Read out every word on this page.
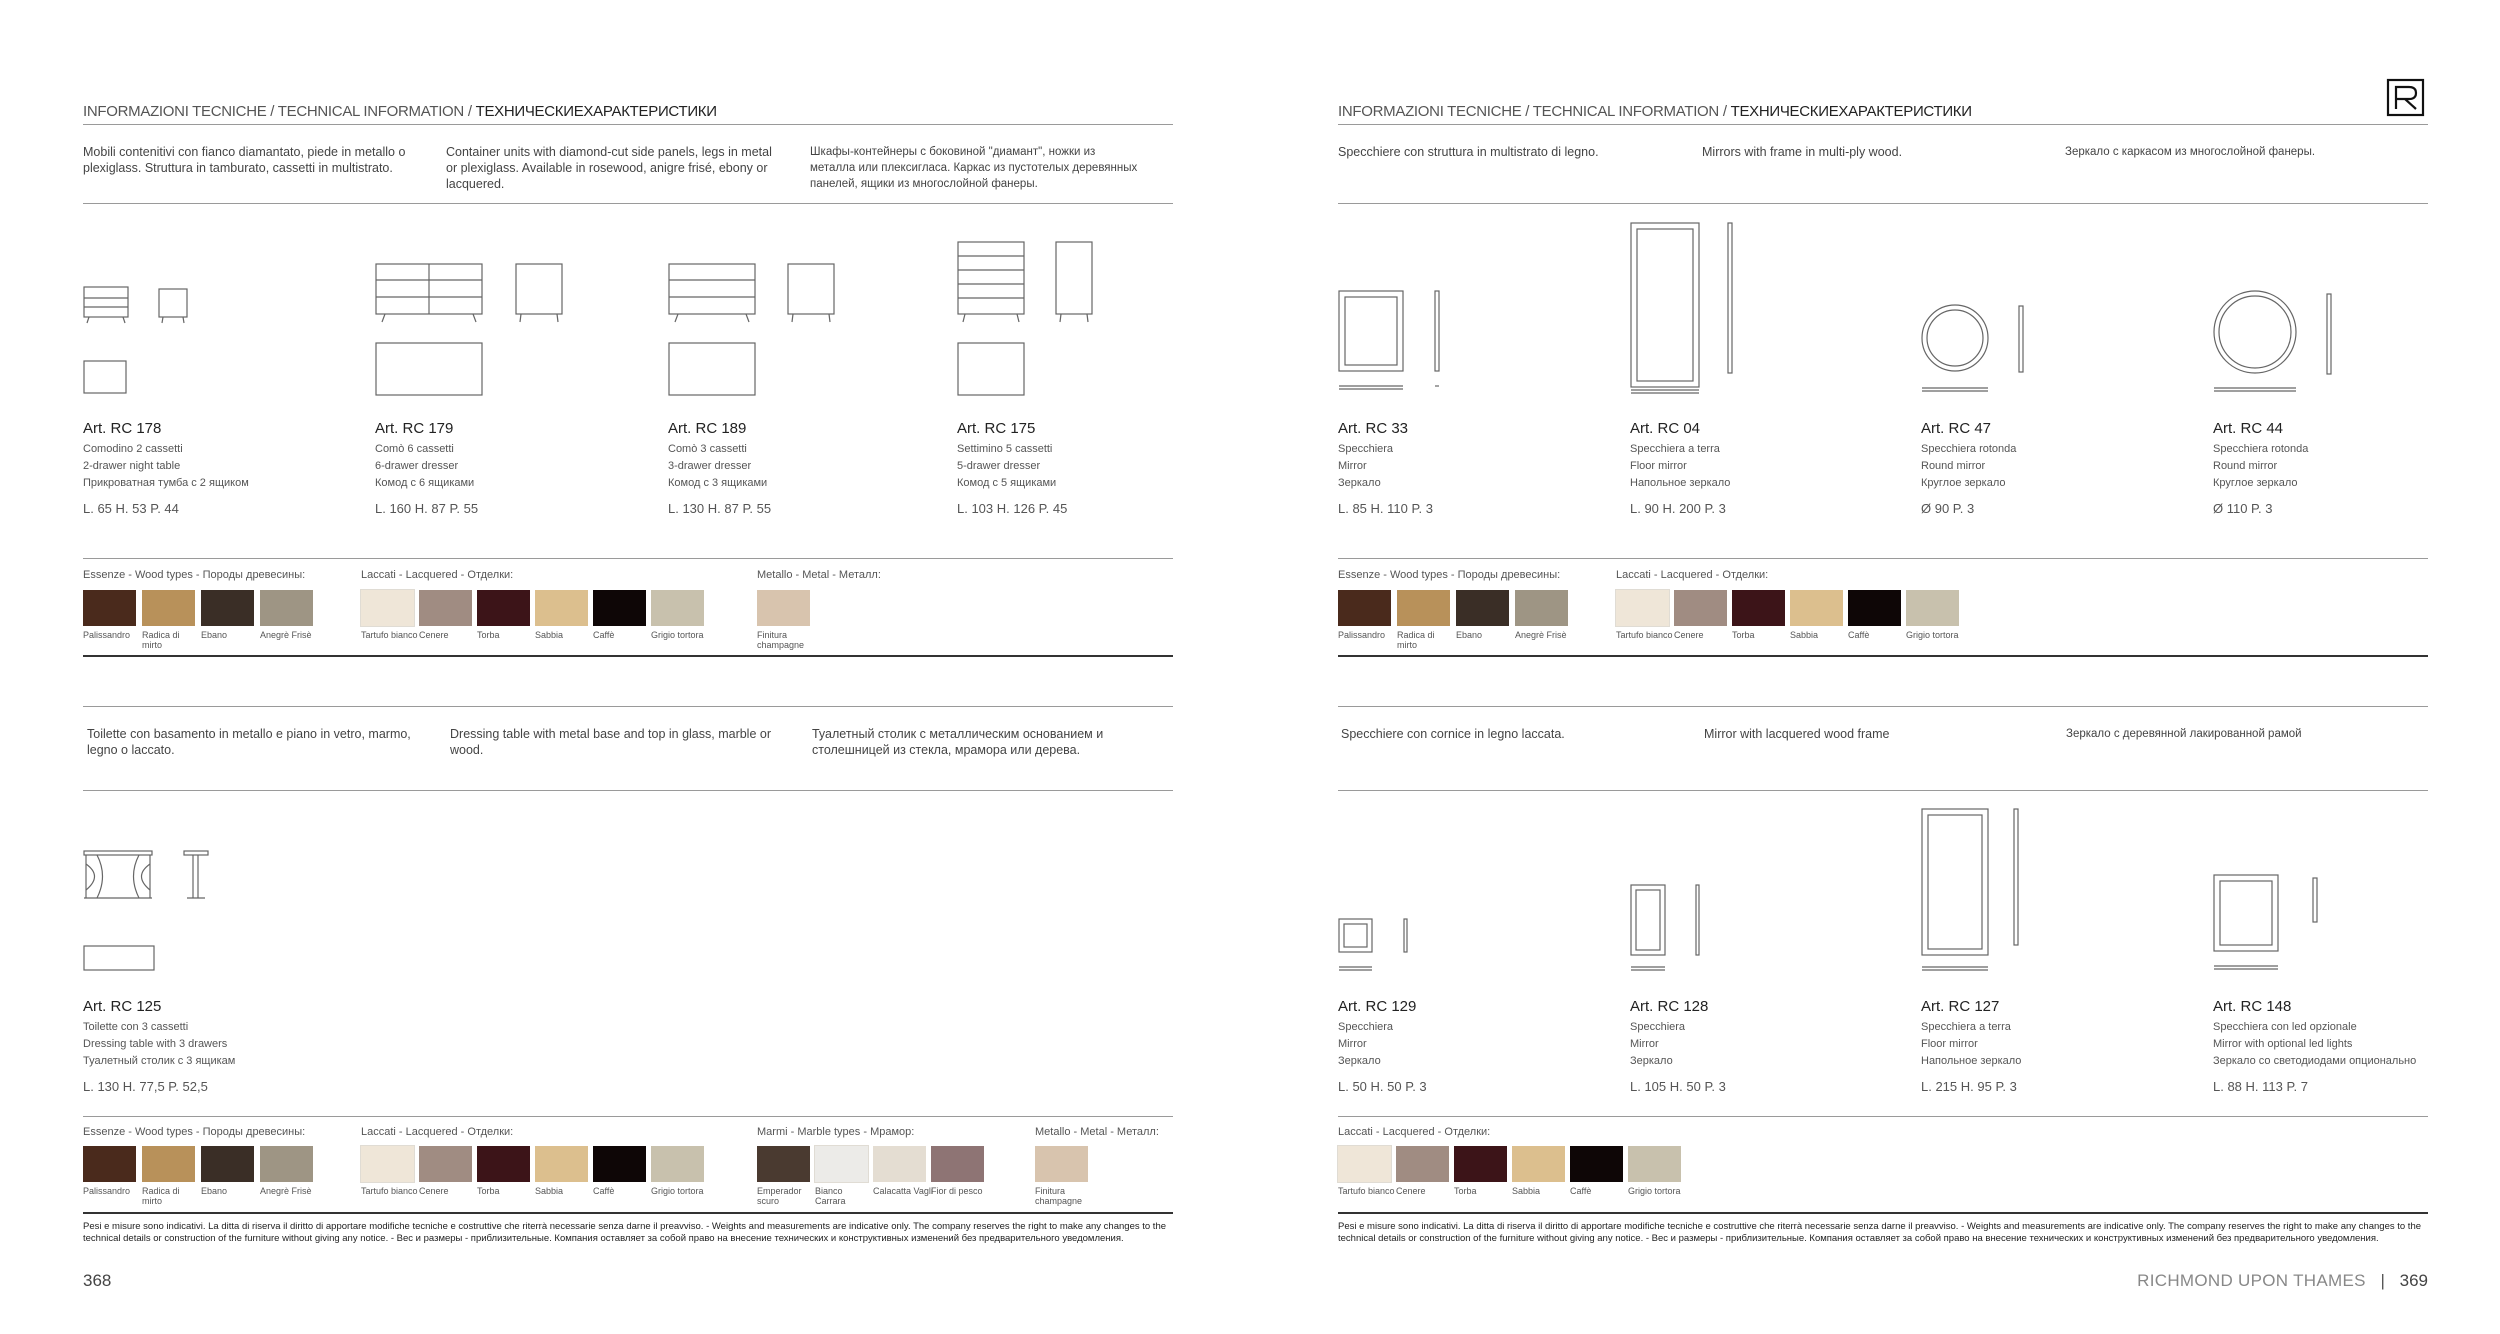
INFORMAZIONI TECNICHE / TECHNICAL INFORMATION / ТЕХНИЧЕСКИЕХАРАКТЕРИСТИКИ
Mobili contenitivi con fianco diamantato, piede in metallo o plexiglass. Struttura in tamburato, cassetti in multistrato.
Container units with diamond-cut side panels, legs in metal or plexiglass. Available in rosewood, anigre frisé, ebony or lacquered.
Шкафы-контейнеры с боковиной "диамант", ножки из металла или плексигласа. Каркас из пустотелых деревянных панелей, ящики из многослойной фанеры.
Art. RC 178
Comodino 2 cassetti
2-drawer night table
Прикроватная тумба с 2 ящиком
L. 65 H. 53 P. 44
Art. RC 179
Comò 6 cassetti
6-drawer dresser
Комод с 6 ящиками
L. 160 H. 87 P. 55
Art. RC 189
Comò 3 cassetti
3-drawer dresser
Комод с 3 ящиками
L. 130 H. 87 P. 55
Art. RC 175
Settimino 5 cassetti
5-drawer dresser
Комод с 5 ящиками
L. 103 H. 126 P. 45
Essenze - Wood types - Породы древесины:	Laccati - Lacquered - Отделки:	Metallo - Metal - Металл:
Toilette con basamento in metallo e piano in vetro, marmo, legno o laccato.
Dressing table with metal base and top in glass, marble or wood.
Туалетный столик с металлическим основанием и столешницей из стекла, мрамора или дерева.
Art. RC 125
Toilette con 3 cassetti
Dressing table with 3 drawers
Туалетный столик с 3 ящикам
L. 130 H. 77,5 P. 52,5
Essenze - Wood types - Породы древесины:	Laccati - Lacquered - Отделки:	Marmi - Marble types - Мрамор:	Metallo - Metal - Металл:
Pesi e misure sono indicativi. La ditta di riserva il diritto di apportare modifiche tecniche e costruttive che riterrà necessarie senza darne il preavviso. - Weights and measurements are indicative only. The company reserves the right to make any changes to the technical details or construction of the furniture without giving any notice. - Вес и размеры - приблизительные. Компания оставляет за собой право на внесение технических и конструктивных изменений без предварительного уведомления.
368
INFORMAZIONI TECNICHE / TECHNICAL INFORMATION / ТЕХНИЧЕСКИЕХАРАКТЕРИСТИКИ
Specchiere con struttura in multistrato di legno.	Mirrors with frame in multi-ply wood.	Зеркало с каркасом из многослойной фанеры.
Art. RC 33
Specchiera
Mirror
Зеркало
L. 85 H. 110 P. 3
Art. RC 04
Specchiera a terra
Floor mirror
Напольное зеркало
L. 90 H. 200 P. 3
Art. RC 47
Specchiera rotonda
Round mirror
Круглое зеркало
Ø 90 P. 3
Art. RC 44
Specchiera rotonda
Round mirror
Круглое зеркало
Ø 110 P. 3
Essenze - Wood types - Породы древесины:	Laccati - Lacquered - Отделки:
Specchiere con cornice in legno laccata.	Mirror with lacquered wood frame	Зеркало с деревянной лакированной рамой
Art. RC 129
Specchiera
Mirror
Зеркало
L. 50 H. 50 P. 3
Art. RC 128
Specchiera
Mirror
Зеркало
L. 105 H. 50 P. 3
Art. RC 127
Specchiera a terra
Floor mirror
Напольное зеркало
L. 215 H. 95 P. 3
Art. RC 148
Specchiera con led opzionale
Mirror with optional led lights
Зеркало со светодиодами опционально
L. 88 H. 113 P. 7
Laccati - Lacquered - Отделки:
Pesi e misure sono indicativi. La ditta di riserva il diritto di apportare modifiche tecniche e costruttive che riterrà necessarie senza darne il preavviso. - Weights and measurements are indicative only. The company reserves the right to make any changes to the technical details or construction of the furniture without giving any notice. - Вес и размеры - приблизительные. Компания оставляет за собой право на внесение технических и конструктивных изменений без предварительного уведомления.
RICHMOND UPON THAMES | 369
Palissandro	Radica di mirto
Ebano	Anegrè Frisè	Tartufo bianco Cenere	Torba	Sabbia	Caffè	Grigio tortora	Finitura champagne
Palissandro	Radica di mirto
Ebano	Anegrè Frisè	Tartufo bianco Cenere	Torba	Sabbia	Caffè	Grigio tortora	Emperador scuro
Bianco Carrara
Calacatta Vagli
Fior di pesco	Finitura champagne
Palissandro	Radica di mirto
Ebano	Anegrè Frisè	Tartufo bianco Cenere	Torba	Sabbia	Caffè	Grigio tortora
Tartufo bianco Cenere	Torba	Sabbia	Caffè	Grigio tortora
